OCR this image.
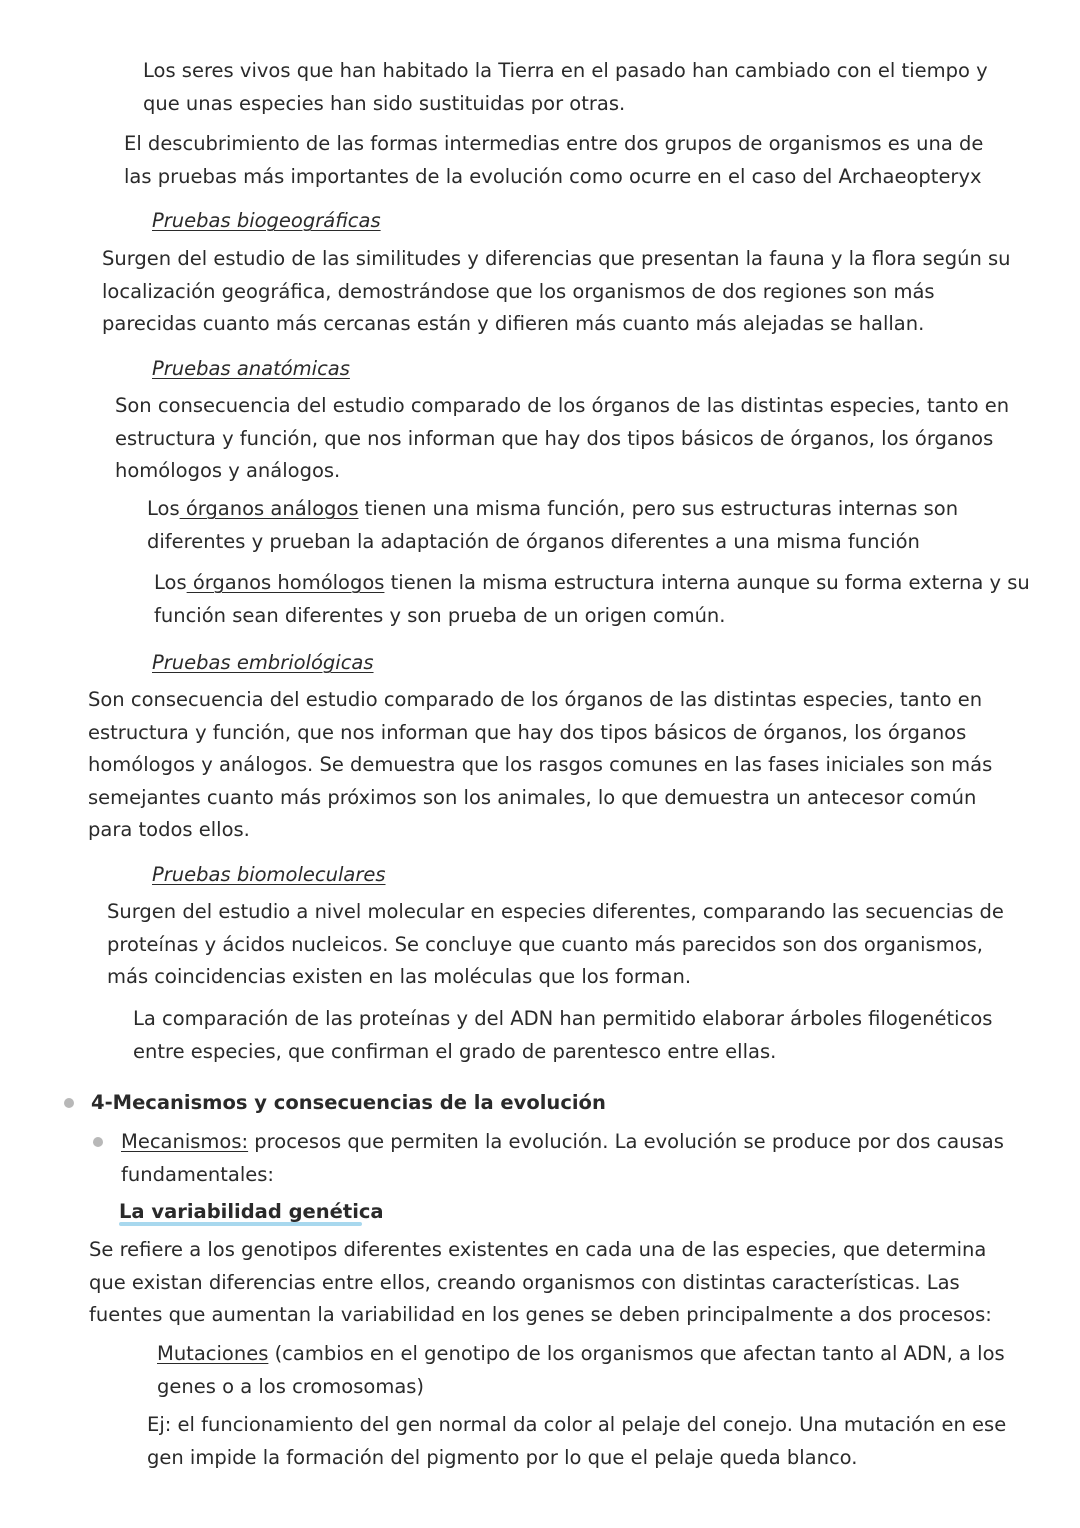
Los seres vivos que han habitado la Tierra en el pasado han cambiado con el tiempo y que unas especies han sido sustituidas por otras.
El descubrimiento de las formas intermedias entre dos grupos de organismos es una de las pruebas más importantes de la evolución como ocurre en el caso del Archaeopteryx
Pruebas biogeográficas
Surgen del estudio de las similitudes y diferencias que presentan la fauna y la flora según su localización geográfica, demostrándose que los organismos de dos regiones son más parecidas cuanto más cercanas están y difieren más cuanto más alejadas se hallan.
Pruebas anatómicas
Son consecuencia del estudio comparado de los órganos de las distintas especies, tanto en estructura y función, que nos informan que hay dos tipos básicos de órganos, los órganos homólogos y análogos.
Los órganos análogos tienen una misma función, pero sus estructuras internas son diferentes y prueban la adaptación de órganos diferentes a una misma función
Los órganos homólogos tienen la misma estructura interna aunque su forma externa y su función sean diferentes y son prueba de un origen común.
Pruebas embriológicas
Son consecuencia del estudio comparado de los órganos de las distintas especies, tanto en estructura y función, que nos informan que hay dos tipos básicos de órganos, los órganos homólogos y análogos. Se demuestra que los rasgos comunes en las fases iniciales son más semejantes cuanto más próximos son los animales, lo que demuestra un antecesor común para todos ellos.
Pruebas biomoleculares
Surgen del estudio a nivel molecular en especies diferentes, comparando las secuencias de proteínas y ácidos nucleicos. Se concluye que cuanto más parecidos son dos organismos, más coincidencias existen en las moléculas que los forman.
La comparación de las proteínas y del ADN han permitido elaborar árboles filogenéticos entre especies, que confirman el grado de parentesco entre ellas.
4-Mecanismos y consecuencias de la evolución
Mecanismos: procesos que permiten la evolución. La evolución se produce por dos causas fundamentales:
La variabilidad genética
Se refiere a los genotipos diferentes existentes en cada una de las especies, que determina que existan diferencias entre ellos, creando organismos con distintas características. Las fuentes que aumentan la variabilidad en los genes se deben principalmente a dos procesos:
Mutaciones (cambios en el genotipo de los organismos que afectan tanto al ADN, a los genes o a los cromosomas)
Ej: el funcionamiento del gen normal da color al pelaje del conejo. Una mutación en ese gen impide la formación del pigmento por lo que el pelaje queda blanco.
